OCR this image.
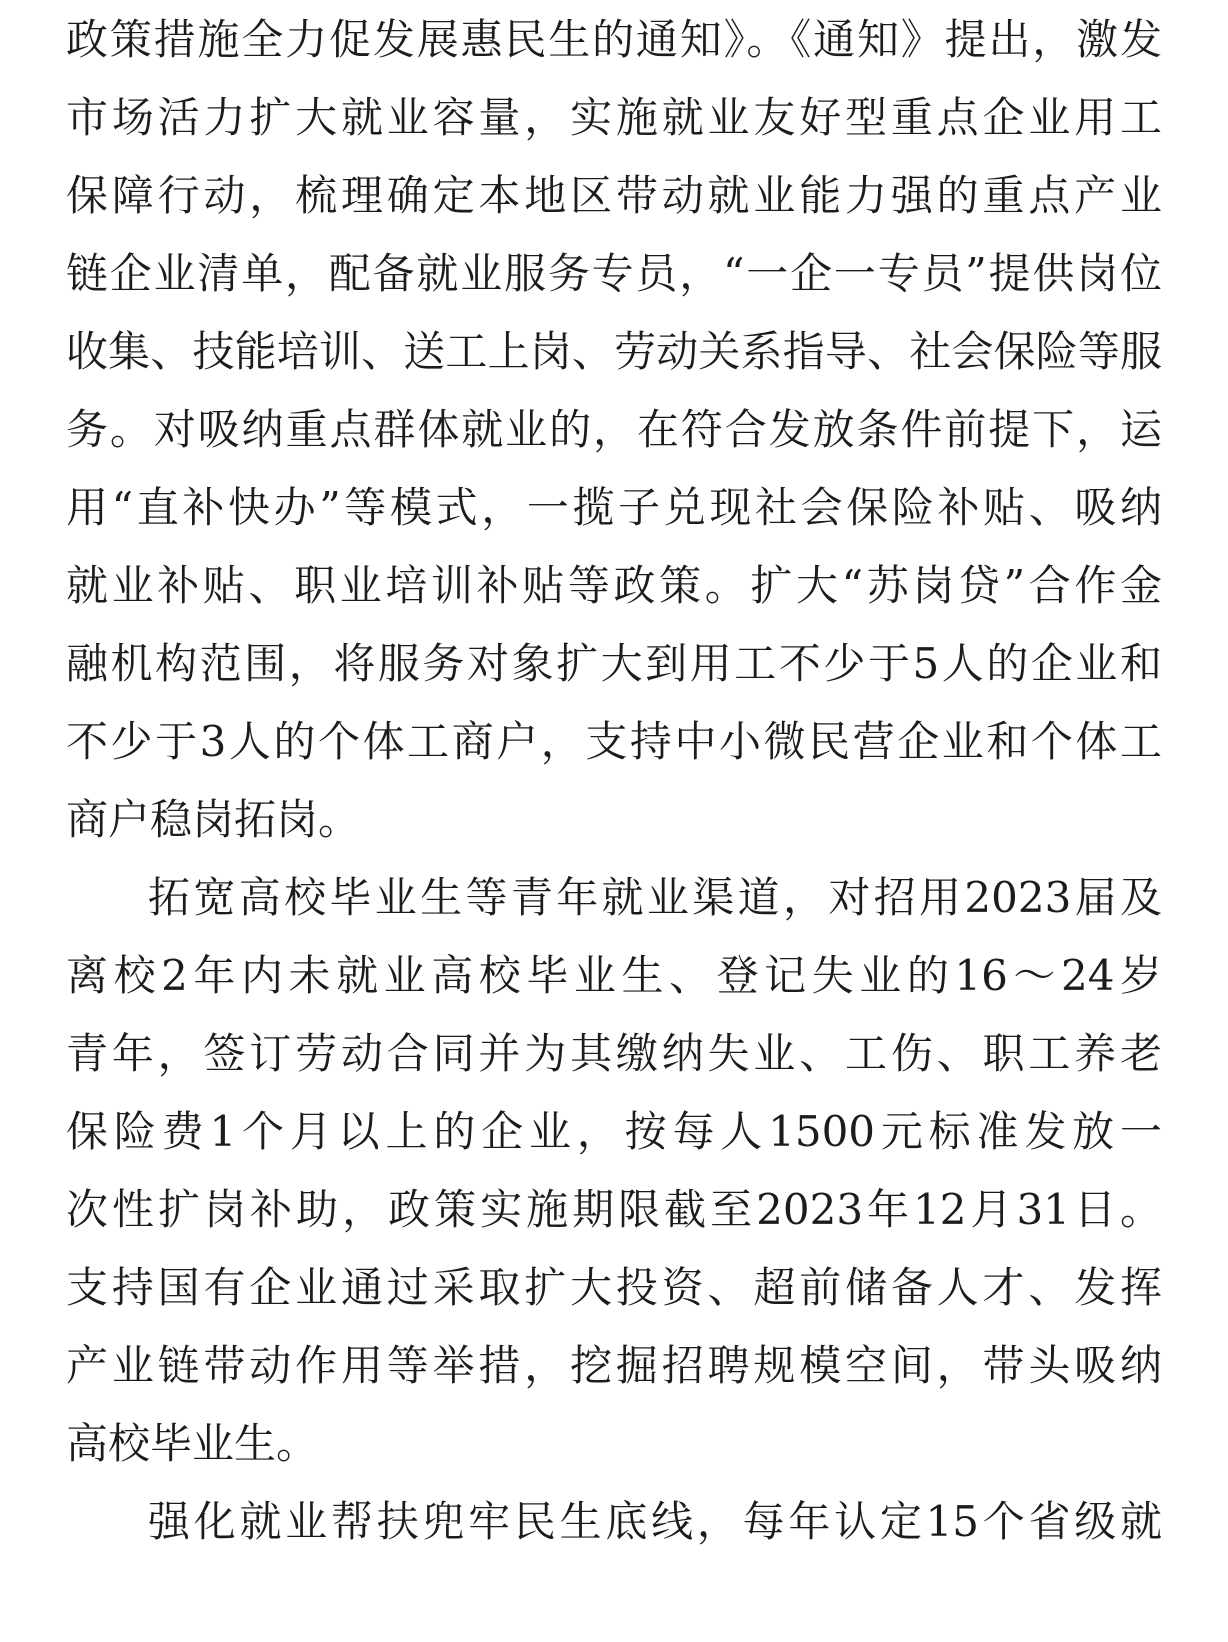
政策措施全力促发展惠民生的通知》。《通知》提出，激发
市场活力扩大就业容量，实施就业友好型重点企业用工
保障行动，梳理确定本地区带动就业能力强的重点产业
链企业清单，配备就业服务专员，“一企一专员”提供岗位
收集、技能培训、送工上岗、劳动关系指导、社会保险等服
务。对吸纳重点群体就业的，在符合发放条件前提下，运
用“直补快办”等模式，一揽子兑现社会保险补贴、吸纳
就业补贴、职业培训补贴等政策。扩大“苏岗贷”合作金
融机构范围，将服务对象扩大到用工不少于5人的企业和
不少于3人的个体工商户，支持中小微民营企业和个体工
商户稳岗拓岗。
拓宽高校毕业生等青年就业渠道，对招用2023届及
离校2年内未就业高校毕业生、登记失业的16～24岁
青年，签订劳动合同并为其缴纳失业、工伤、职工养老
保险费1个月以上的企业，按每人1500元标准发放一
次性扩岗补助，政策实施期限截至2023年12月31日。
支持国有企业通过采取扩大投资、超前储备人才、发挥
产业链带动作用等举措，挖掘招聘规模空间，带头吸纳
高校毕业生。
强化就业帮扶兜牢民生底线，每年认定15个省级就
